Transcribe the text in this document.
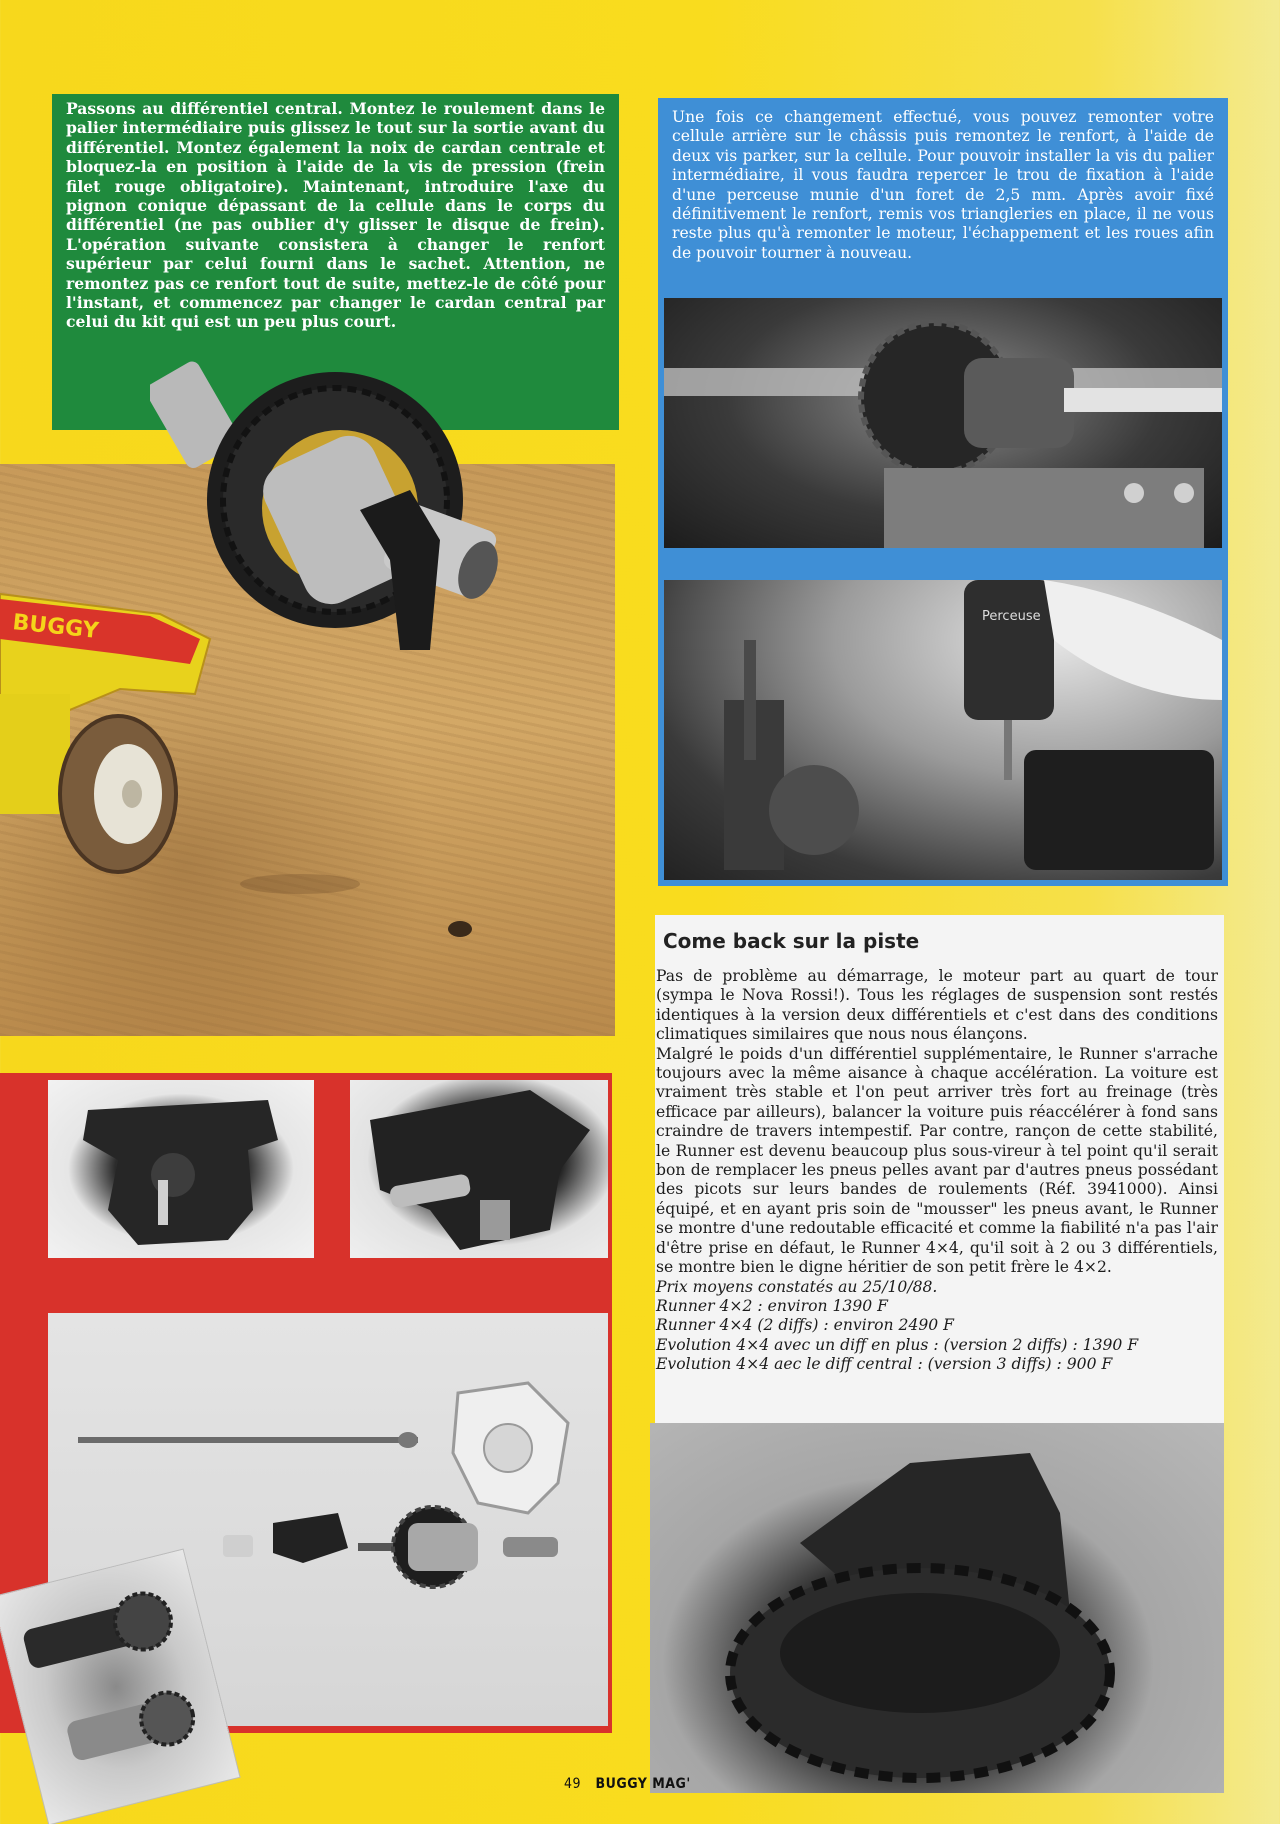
Passons au différentiel central. Montez le roulement dans le palier intermédiaire puis glissez le tout sur la sortie avant du différentiel. Montez également la noix de cardan centrale et bloquez-la en position à l'aide de la vis de pression (frein filet rouge obligatoire). Maintenant, introduire l'axe du pignon conique dépassant de la cellule dans le corps du différentiel (ne pas oublier d'y glisser le disque de frein). L'opération suivante consistera à changer le renfort supérieur par celui fourni dans le sachet. Attention, ne remontez pas ce renfort tout de suite, mettez-le de côté pour l'instant, et commencez par changer le cardan central par celui du kit qui est un peu plus court.
BUGGY
Une fois ce changement effectué, vous pouvez remonter votre cellule arrière sur le châssis puis remontez le renfort, à l'aide de deux vis parker, sur la cellule. Pour pouvoir installer la vis du palier intermédiaire, il vous faudra repercer le trou de fixation à l'aide d'une perceuse munie d'un foret de 2,5 mm. Après avoir fixé définitivement le renfort, remis vos triangleries en place, il ne vous reste plus qu'à remonter le moteur, l'échappement et les roues afin de pouvoir tourner à nouveau.
Perceuse
Come back sur la piste

Pas de problème au démarrage, le moteur part au quart de tour (sympa le Nova Rossi!). Tous les réglages de suspension sont restés identiques à la version deux différentiels et c'est dans des conditions climatiques similaires que nous nous élançons.

Malgré le poids d'un différentiel supplémentaire, le Runner s'arrache toujours avec la même aisance à chaque accélération. La voiture est vraiment très stable et l'on peut arriver très fort au freinage (très efficace par ailleurs), balancer la voiture puis réaccélérer à fond sans craindre de travers intempestif. Par contre, rançon de cette stabilité, le Runner est devenu beaucoup plus sous-vireur à tel point qu'il serait bon de remplacer les pneus pelles avant par d'autres pneus possédant des picots sur leurs bandes de roulements (Réf. 3941000). Ainsi équipé, et en ayant pris soin de "mousser" les pneus avant, le Runner se montre d'une redoutable efficacité et comme la fiabilité n'a pas l'air d'être prise en défaut, le Runner 4×4, qu'il soit à 2 ou 3 différentiels, se montre bien le digne héritier de son petit frère le 4×2.

Prix moyens constatés au 25/10/88.

Runner 4×2 : environ 1390 F

Runner 4×4 (2 diffs) : environ 2490 F

Evolution 4×4 avec un diff en plus : (version 2 diffs) : 1390 F

Evolution 4×4 aec le diff central : (version 3 diffs) : 900 F

49 BUGGY MAG'
